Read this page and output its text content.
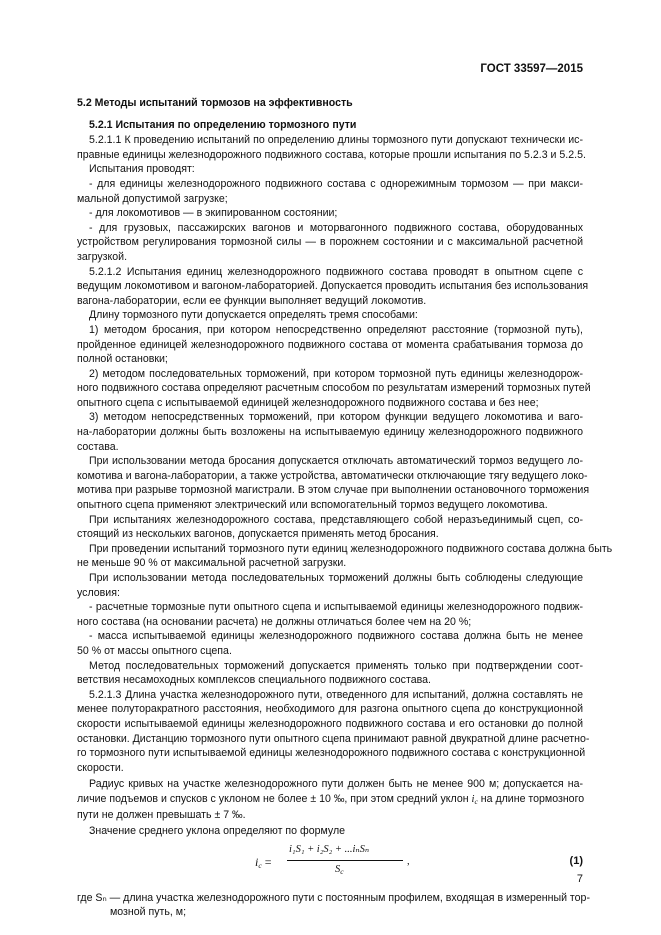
ГОСТ 33597—2015
5.2 Методы испытаний тормозов на эффективность
5.2.1 Испытания по определению тормозного пути
5.2.1.1 К проведению испытаний по определению длины тормозного пути допускают технически ис-
правные единицы железнодорожного подвижного состава, которые прошли испытания по 5.2.3 и 5.2.5.
Испытания проводят:
- для единицы железнодорожного подвижного состава с однорежимным тормозом — при макси-
мальной допустимой загрузке;
- для локомотивов — в экипированном состоянии;
- для грузовых, пассажирских вагонов и моторвагонного подвижного состава, оборудованных
устройством регулирования тормозной силы — в порожнем состоянии и с максимальной расчетной
загрузкой.
5.2.1.2 Испытания единиц железнодорожного подвижного состава проводят в опытном сцепе с
ведущим локомотивом и вагоном-лабораторией. Допускается проводить испытания без использования
вагона-лаборатории, если ее функции выполняет ведущий локомотив.
Длину тормозного пути допускается определять тремя способами:
1) методом бросания, при котором непосредственно определяют расстояние (тормозной путь),
пройденное единицей железнодорожного подвижного состава от момента срабатывания тормоза до
полной остановки;
2) методом последовательных торможений, при котором тормозной путь единицы железнодорож-
ного подвижного состава определяют расчетным способом по результатам измерений тормозных путей
опытного сцепа с испытываемой единицей железнодорожного подвижного состава и без нее;
3) методом непосредственных торможений, при котором функции ведущего локомотива и ваго-
на-лаборатории должны быть возложены на испытываемую единицу железнодорожного подвижного
состава.
При использовании метода бросания допускается отключать автоматический тормоз ведущего ло-
комотива и вагона-лаборатории, а также устройства, автоматически отключающие тягу ведущего локо-
мотива при разрыве тормозной магистрали. В этом случае при выполнении остановочного торможения
опытного сцепа применяют электрический или вспомогательный тормоз ведущего локомотива.
При испытаниях железнодорожного состава, представляющего собой неразъединимый сцеп, со-
стоящий из нескольких вагонов, допускается применять метод бросания.
При проведении испытаний тормозного пути единиц железнодорожного подвижного состава должна быть
не меньше 90 % от максимальной расчетной загрузки.
При использовании метода последовательных торможений должны быть соблюдены следующие
условия:
- расчетные тормозные пути опытного сцепа и испытываемой единицы железнодорожного подвиж-
ного состава (на основании расчета) не должны отличаться более чем на 20 %;
- масса испытываемой единицы железнодорожного подвижного состава должна быть не менее
50 % от массы опытного сцепа.
Метод последовательных торможений допускается применять только при подтверждении соот-
ветствия несамоходных комплексов специального подвижного состава.
5.2.1.3 Длина участка железнодорожного пути, отведенного для испытаний, должна составлять не
менее полуторакратного расстояния, необходимого для разгона опытного сцепа до конструкционной
скорости испытываемой единицы железнодорожного подвижного состава и его остановки до полной
остановки. Дистанцию тормозного пути опытного сцепа принимают равной двукратной длине расчетно-
го тормозного пути испытываемой единицы железнодорожного подвижного состава с конструкционной
скорости.
Радиус кривых на участке железнодорожного пути должен быть не менее 900 м; допускается на-
личие подъемов и спусков с уклоном не более ± 10 ‰, при этом средний уклон $i_c$ на длине тормозного
пути не должен превышать ± 7 ‰.
Значение среднего уклона определяют по формуле
$i_c$ =
i₁S₁ + i₂S₂ + ...iₙSₙ
$S_c$
,	(1)
где Sₙ — длина участка железнодорожного пути с постоянным профилем, входящая в измеренный тор-
мозной путь, м;
7
